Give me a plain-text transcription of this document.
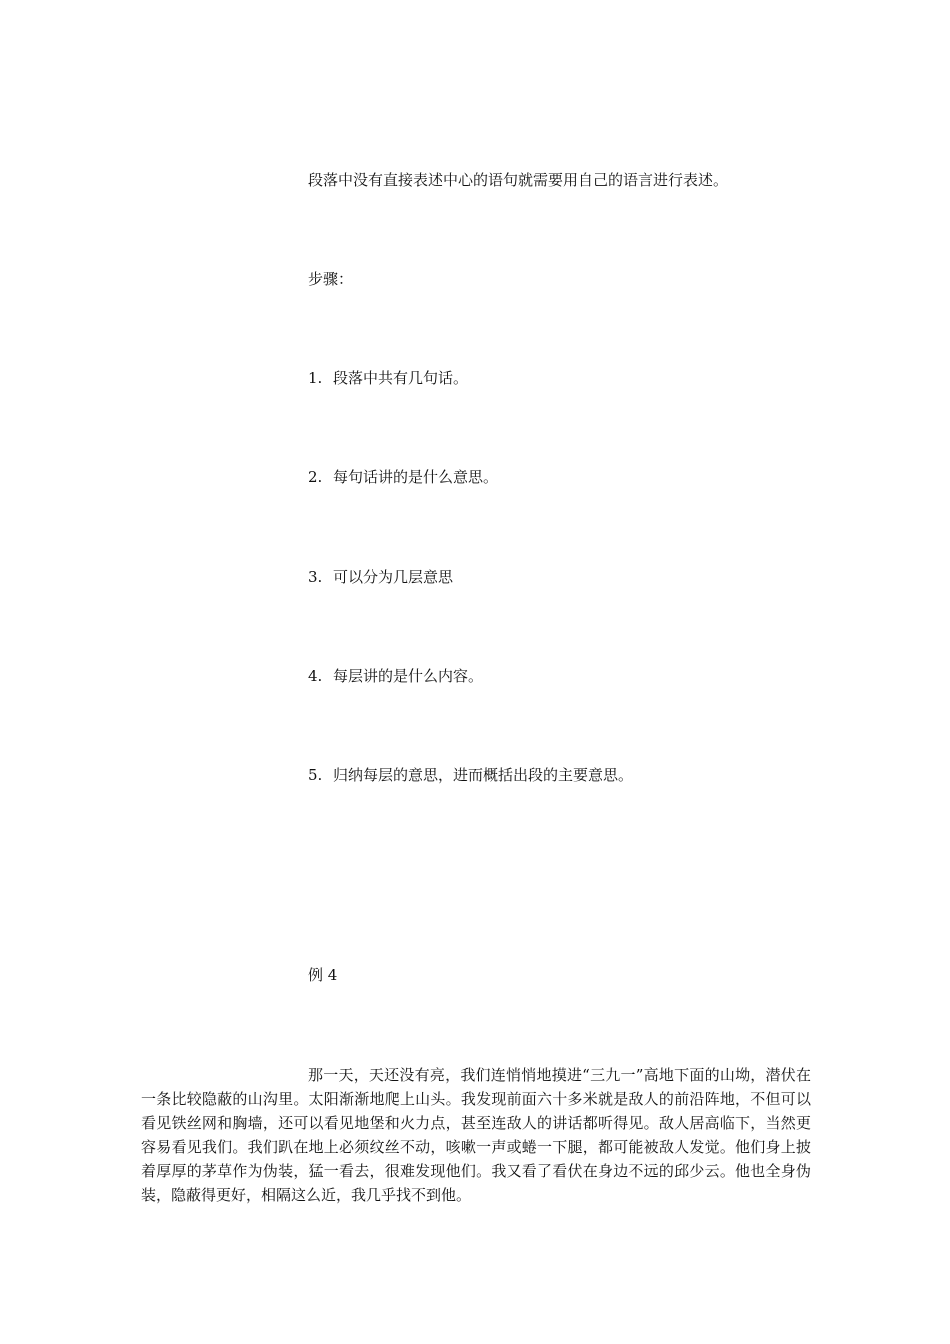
段落中没有直接表述中心的语句就需要用自己的语言进行表述。

步骤：

1. 段落中共有几句话。

2. 每句话讲的是什么意思。

3. 可以分为几层意思

4. 每层讲的是什么内容。

5. 归纳每层的意思，进而概括出段的主要意思。

例 4

那一天，天还没有亮，我们连悄悄地摸进“三九一”高地下面的山坳，潜伏在一条比较隐蔽的山沟里。太阳渐渐地爬上山头。我发现前面六十多米就是敌人的前沿阵地，不但可以看见铁丝网和胸墙，还可以看见地堡和火力点，甚至连敌人的讲话都听得见。敌人居高临下，当然更容易看见我们。我们趴在地上必须纹丝不动，咳嗽一声或蜷一下腿，都可能被敌人发觉。他们身上披着厚厚的茅草作为伪装，猛一看去，很难发现他们。我又看了看伏在身边不远的邱少云。他也全身伪装，隐蔽得更好，相隔这么近，我几乎找不到他。
